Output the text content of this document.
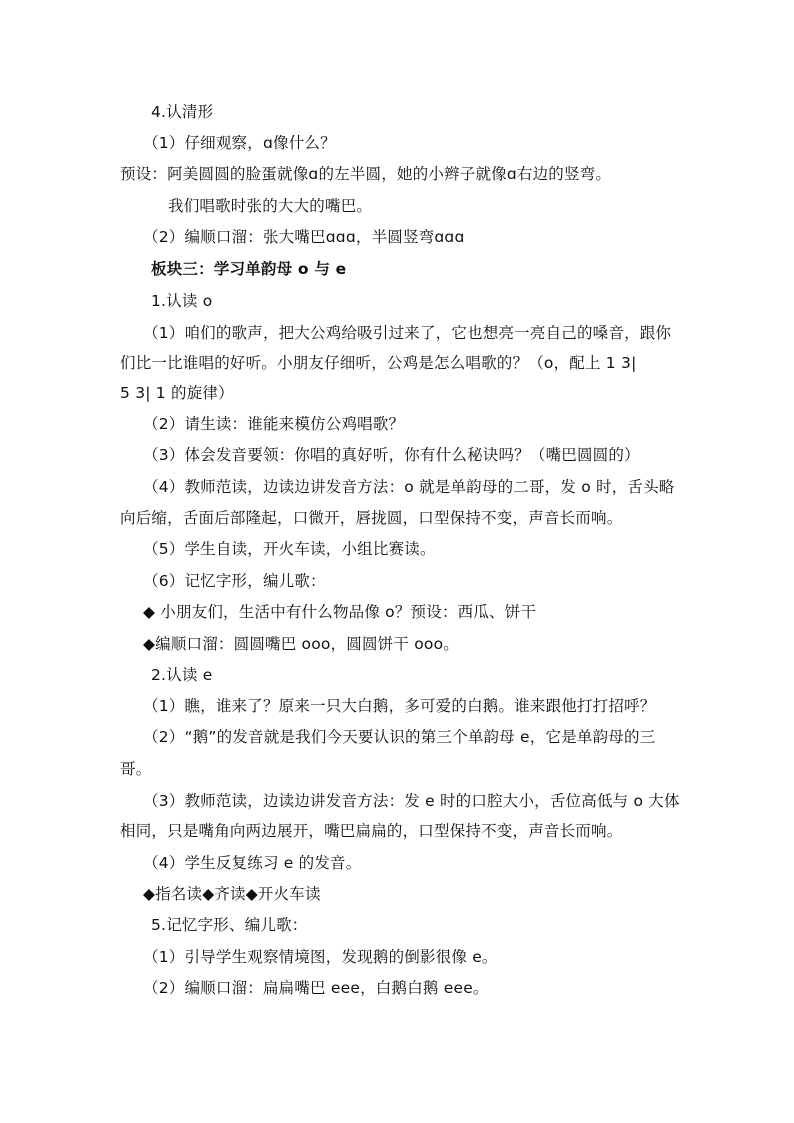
4.认清形
（1）仔细观察，ɑ像什么？
预设：阿美圆圆的脸蛋就像ɑ的左半圆，她的小辫子就像ɑ右边的竖弯。
我们唱歌时张的大大的嘴巴。
（2）编顺口溜：张大嘴巴ɑɑɑ，半圆竖弯ɑɑɑ
板块三：学习单韵母 o 与 e
1.认读 o
（1）咱们的歌声，把大公鸡给吸引过来了，它也想亮一亮自己的嗓音，跟你
们比一比谁唱的好听。小朋友仔细听，公鸡是怎么唱歌的？（o，配上 1 3|
5 3| 1 的旋律）
（2）请生读：谁能来模仿公鸡唱歌？
（3）体会发音要领：你唱的真好听，你有什么秘诀吗？（嘴巴圆圆的）
（4）教师范读，边读边讲发音方法：o 就是单韵母的二哥，发 o 时，舌头略
向后缩，舌面后部隆起，口微开，唇拢圆，口型保持不变，声音长而响。
（5）学生自读，开火车读，小组比赛读。
（6）记忆字形，编儿歌：
◆ 小朋友们，生活中有什么物品像 o？预设：西瓜、饼干
◆编顺口溜：圆圆嘴巴 ooo，圆圆饼干 ooo。
2.认读 e
（1）瞧，谁来了？原来一只大白鹅，多可爱的白鹅。谁来跟他打打招呼？
（2）“鹅”的发音就是我们今天要认识的第三个单韵母 e，它是单韵母的三
哥。
（3）教师范读，边读边讲发音方法：发 e 时的口腔大小，舌位高低与 o 大体
相同，只是嘴角向两边展开，嘴巴扁扁的，口型保持不变，声音长而响。
（4）学生反复练习 e 的发音。
◆指名读◆齐读◆开火车读
5.记忆字形、编儿歌：
（1）引导学生观察情境图，发现鹅的倒影很像 e。
（2）编顺口溜：扁扁嘴巴 eee，白鹅白鹅 eee。
